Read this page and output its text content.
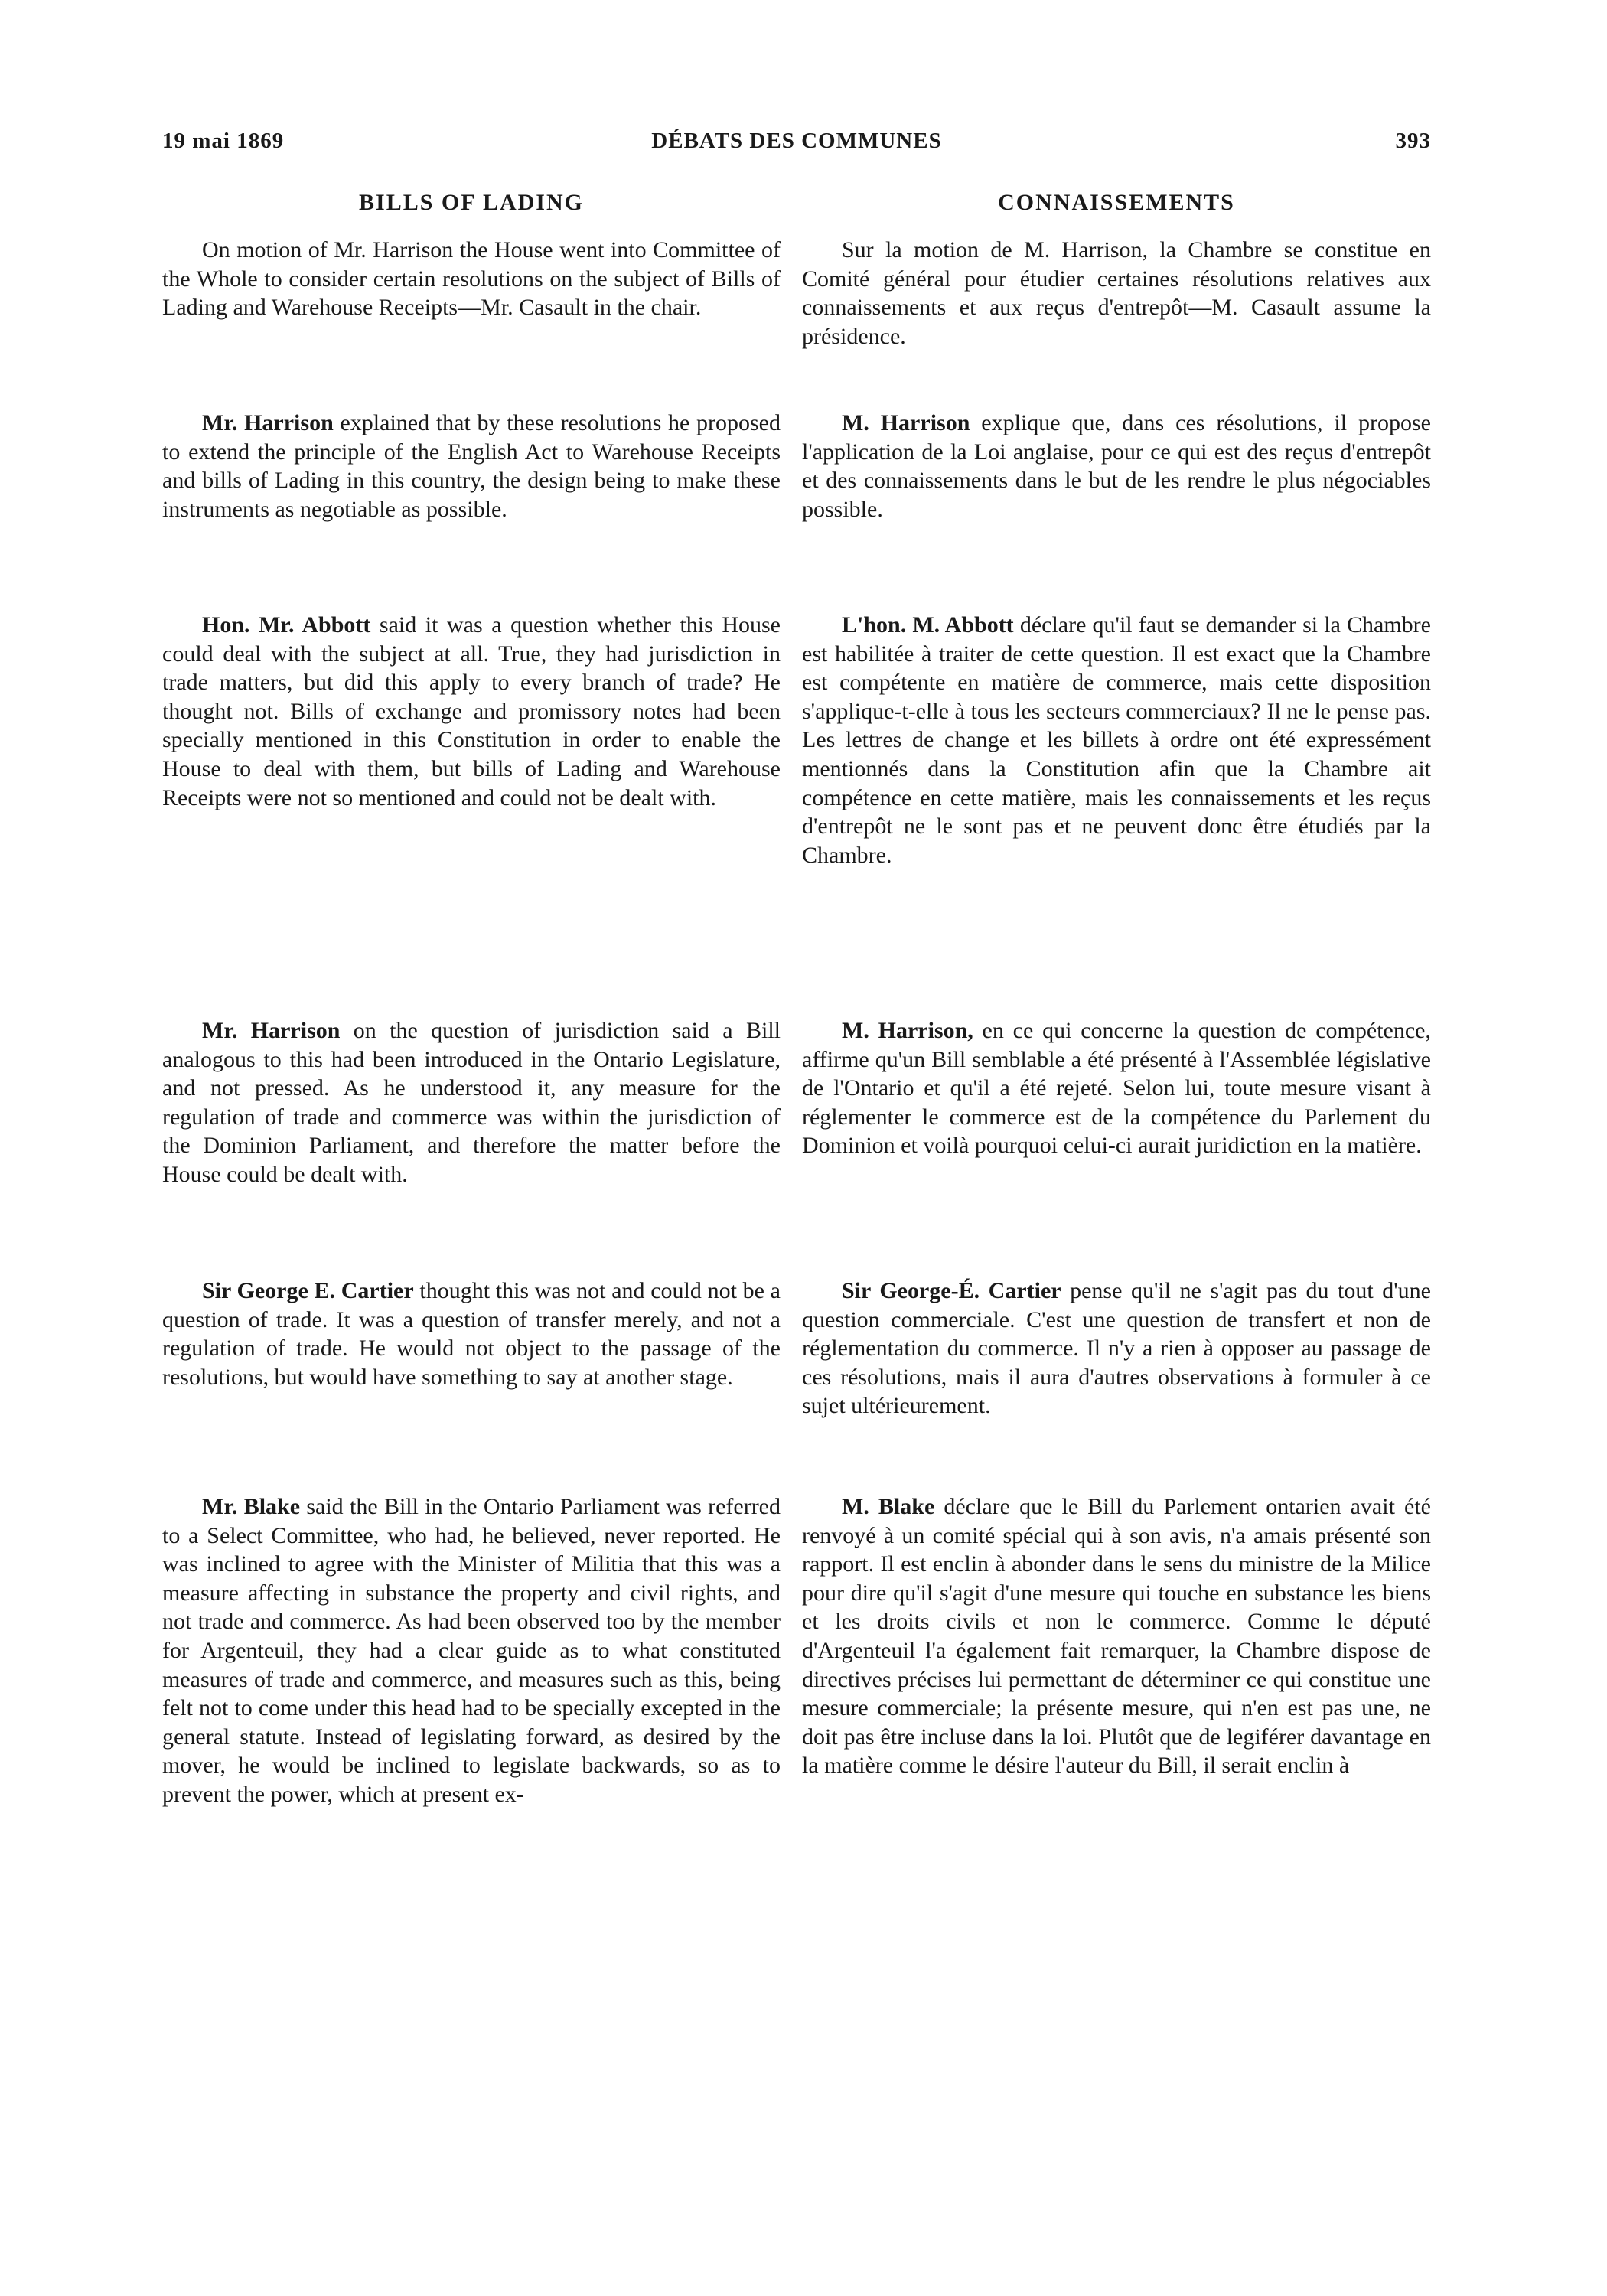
19 mai 1869	DÉBATS DES COMMUNES	393
BILLS OF LADING

On motion of Mr. Harrison the House went into Committee of the Whole to consider certain resolutions on the subject of Bills of Lading and Warehouse Receipts—Mr. Casault in the chair.

Mr. Harrison explained that by these resolutions he proposed to extend the principle of the English Act to Warehouse Receipts and bills of Lading in this country, the design being to make these instruments as negotiable as possible.

Hon. Mr. Abbott said it was a question whether this House could deal with the subject at all. True, they had jurisdiction in trade matters, but did this apply to every branch of trade? He thought not. Bills of exchange and promissory notes had been specially mentioned in this Constitution in order to enable the House to deal with them, but bills of Lading and Warehouse Receipts were not so mentioned and could not be dealt with.

Mr. Harrison on the question of jurisdiction said a Bill analogous to this had been introduced in the Ontario Legislature, and not pressed. As he understood it, any measure for the regulation of trade and commerce was within the jurisdiction of the Dominion Parliament, and therefore the matter before the House could be dealt with.

Sir George E. Cartier thought this was not and could not be a question of trade. It was a question of transfer merely, and not a regulation of trade. He would not object to the passage of the resolutions, but would have something to say at another stage.

Mr. Blake said the Bill in the Ontario Parliament was referred to a Select Committee, who had, he believed, never reported. He was inclined to agree with the Minister of Militia that this was a measure affecting in substance the property and civil rights, and not trade and commerce. As had been observed too by the member for Argenteuil, they had a clear guide as to what constituted measures of trade and commerce, and measures such as this, being felt not to come under this head had to be specially excepted in the general statute. Instead of legislating forward, as desired by the mover, he would be inclined to legislate backwards, so as to prevent the power, which at present ex-

CONNAISSEMENTS

Sur la motion de M. Harrison, la Chambre se constitue en Comité général pour étudier certaines résolutions relatives aux connaissements et aux reçus d'entrepôt—M. Casault assume la présidence.

M. Harrison explique que, dans ces résolutions, il propose l'application de la Loi anglaise, pour ce qui est des reçus d'entrepôt et des connaissements dans le but de les rendre le plus négociables possible.

L'hon. M. Abbott déclare qu'il faut se demander si la Chambre est habilitée à traiter de cette question. Il est exact que la Chambre est compétente en matière de commerce, mais cette disposition s'applique-t-elle à tous les secteurs commerciaux? Il ne le pense pas. Les lettres de change et les billets à ordre ont été expressément mentionnés dans la Constitution afin que la Chambre ait compétence en cette matière, mais les connaissements et les reçus d'entrepôt ne le sont pas et ne peuvent donc être étudiés par la Chambre.

M. Harrison, en ce qui concerne la question de compétence, affirme qu'un Bill semblable a été présenté à l'Assemblée législative de l'Ontario et qu'il a été rejeté. Selon lui, toute mesure visant à réglementer le commerce est de la compétence du Parlement du Dominion et voilà pourquoi celui-ci aurait juridiction en la matière.

Sir George-É. Cartier pense qu'il ne s'agit pas du tout d'une question commerciale. C'est une question de transfert et non de réglementation du commerce. Il n'y a rien à opposer au passage de ces résolutions, mais il aura d'autres observations à formuler à ce sujet ultérieurement.

M. Blake déclare que le Bill du Parlement ontarien avait été renvoyé à un comité spécial qui à son avis, n'a amais présenté son rapport. Il est enclin à abonder dans le sens du ministre de la Milice pour dire qu'il s'agit d'une mesure qui touche en substance les biens et les droits civils et non le commerce. Comme le député d'Argenteuil l'a également fait remarquer, la Chambre dispose de directives précises lui permettant de déterminer ce qui constitue une mesure commerciale; la présente mesure, qui n'en est pas une, ne doit pas être incluse dans la loi. Plutôt que de legiférer davantage en la matière comme le désire l'auteur du Bill, il serait enclin à
